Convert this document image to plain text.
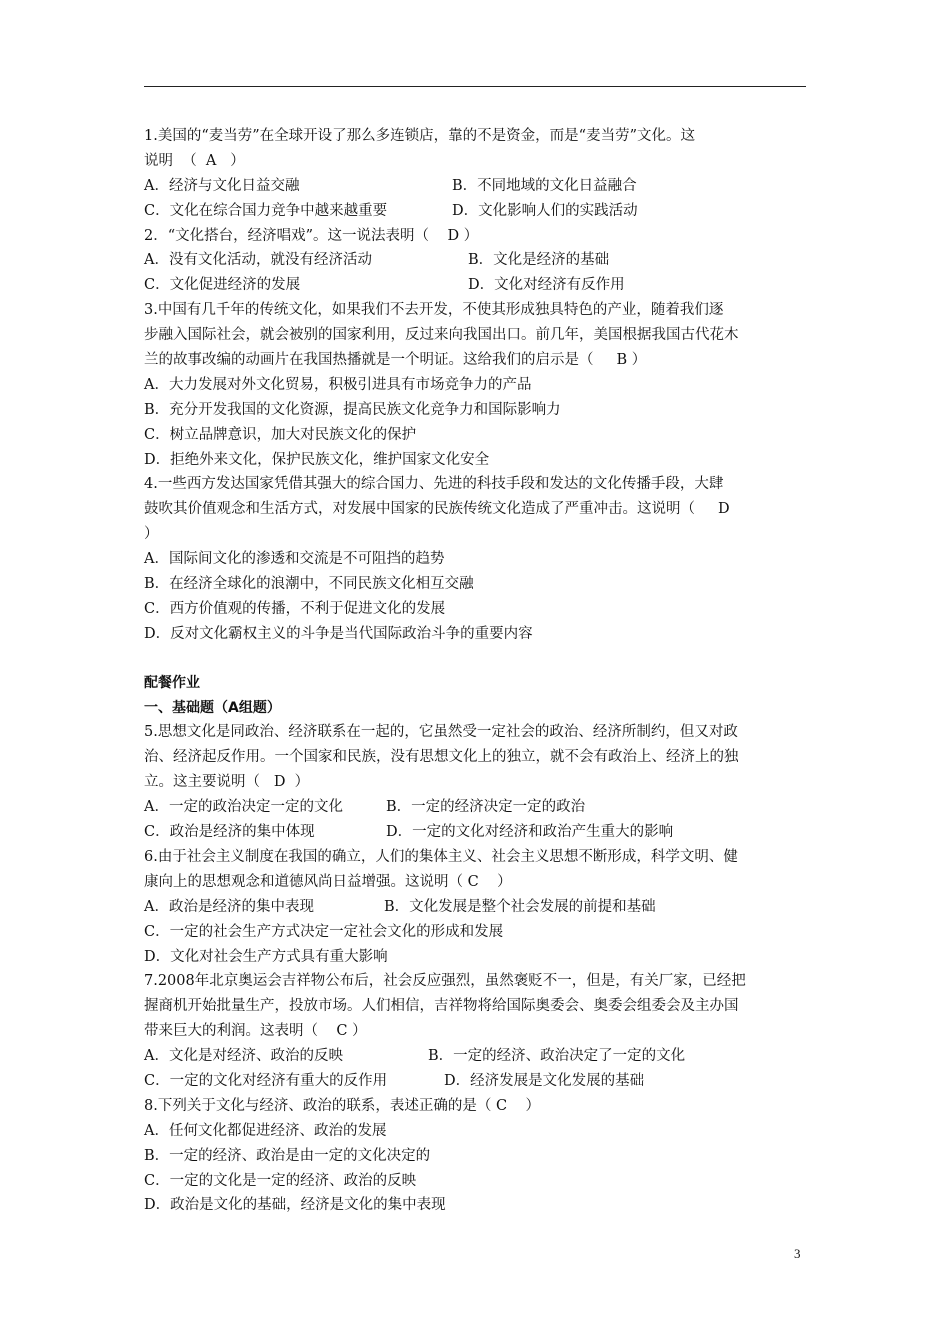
1.美国的“麦当劳”在全球开设了那么多连锁店，靠的不是资金，而是“麦当劳”文化。这
说明  （  A   ）
A．经济与文化日益交融	B．不同地域的文化日益融合
C．文化在综合国力竞争中越来越重要	D．文化影响人们的实践活动
2．“文化搭台，经济唱戏”。这一说法表明（    D ）
A．没有文化活动，就没有经济活动	B．文化是经济的基础
C．文化促进经济的发展	D．文化对经济有反作用
3.中国有几千年的传统文化，如果我们不去开发，不使其形成独具特色的产业，随着我们逐
步融入国际社会，就会被别的国家利用，反过来向我国出口。前几年，美国根据我国古代花木
兰的故事改编的动画片在我国热播就是一个明证。这给我们的启示是（     B ）
A．大力发展对外文化贸易，积极引进具有市场竞争力的产品
B．充分开发我国的文化资源，提高民族文化竞争力和国际影响力
C．树立品牌意识，加大对民族文化的保护
D．拒绝外来文化，保护民族文化，维护国家文化安全
4.一些西方发达国家凭借其强大的综合国力、先进的科技手段和发达的文化传播手段，大肆
鼓吹其价值观念和生活方式，对发展中国家的民族传统文化造成了严重冲击。这说明（     D
）
A．国际间文化的渗透和交流是不可阻挡的趋势
B．在经济全球化的浪潮中，不同民族文化相互交融
C．西方价值观的传播，不利于促进文化的发展
D．反对文化霸权主义的斗争是当代国际政治斗争的重要内容
配餐作业
一、基础题（A组题）
5.思想文化是同政治、经济联系在一起的，它虽然受一定社会的政治、经济所制约，但又对政
治、经济起反作用。一个国家和民族，没有思想文化上的独立，就不会有政治上、经济上的独
立。这主要说明（   D  ）
A．一定的政治决定一定的文化	B．一定的经济决定一定的政治
C．政治是经济的集中体现	D．一定的文化对经济和政治产生重大的影响
6.由于社会主义制度在我国的确立，人们的集体主义、社会主义思想不断形成，科学文明、健
康向上的思想观念和道德风尚日益增强。这说明（ C    ）
A．政治是经济的集中表现	B．文化发展是整个社会发展的前提和基础
C．一定的社会生产方式决定一定社会文化的形成和发展
D．文化对社会生产方式具有重大影响
7.2008年北京奥运会吉祥物公布后，社会反应强烈，虽然褒贬不一，但是，有关厂家，已经把
握商机开始批量生产，投放市场。人们相信，吉祥物将给国际奥委会、奥委会组委会及主办国
带来巨大的利润。这表明（    C ）
A．文化是对经济、政治的反映	B．一定的经济、政治决定了一定的文化
C．一定的文化对经济有重大的反作用	D．经济发展是文化发展的基础
8.下列关于文化与经济、政治的联系，表述正确的是（ C    ）
A．任何文化都促进经济、政治的发展
B．一定的经济、政治是由一定的文化决定的
C．一定的文化是一定的经济、政治的反映
D．政治是文化的基础，经济是文化的集中表现
3
